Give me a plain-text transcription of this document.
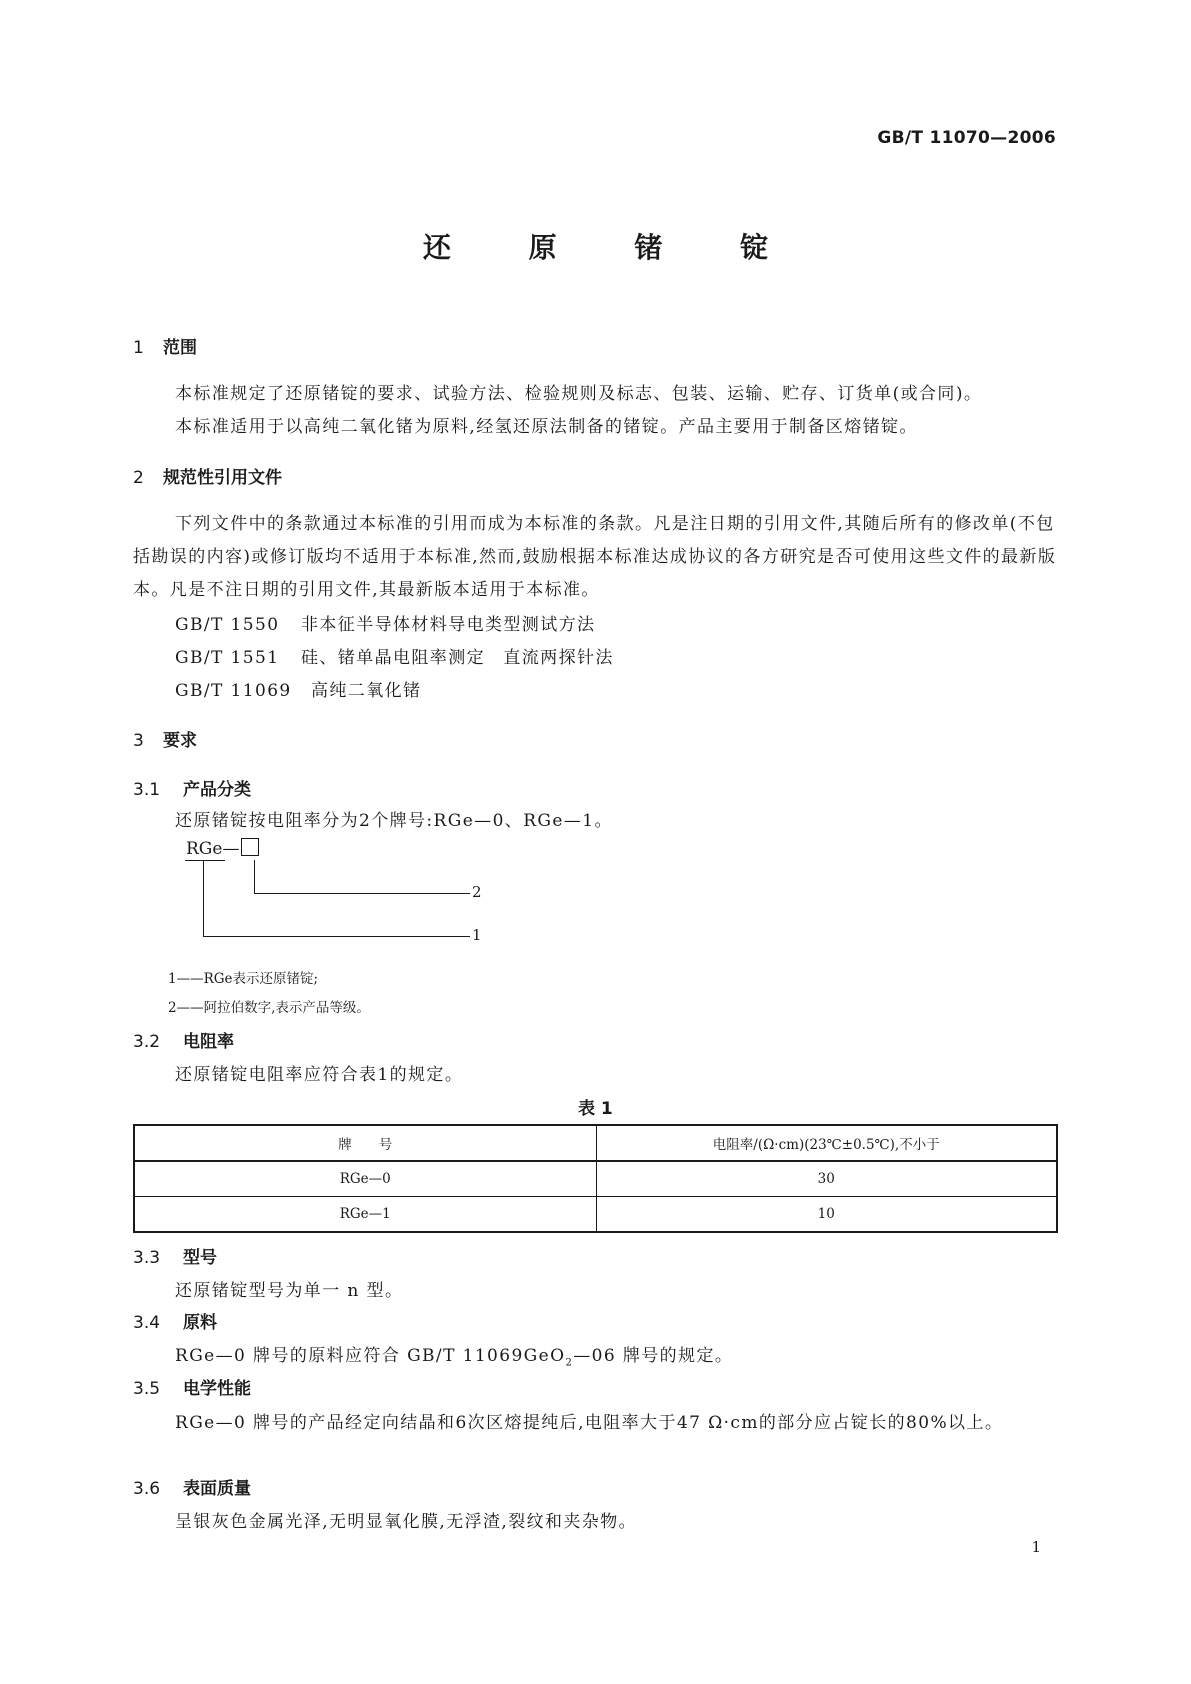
GB/T 11070—2006
还 原 锗 锭
1 范围
本标准规定了还原锗锭的要求、试验方法、检验规则及标志、包装、运输、贮存、订货单(或合同)。
本标准适用于以高纯二氧化锗为原料,经氢还原法制备的锗锭。产品主要用于制备区熔锗锭。
2 规范性引用文件
下列文件中的条款通过本标准的引用而成为本标准的条款。凡是注日期的引用文件,其随后所有的修改单(不包括勘误的内容)或修订版均不适用于本标准,然而,鼓励根据本标准达成协议的各方研究是否可使用这些文件的最新版本。凡是不注日期的引用文件,其最新版本适用于本标准。
GB/T 1550 非本征半导体材料导电类型测试方法
GB/T 1551 硅、锗单晶电阻率测定　直流两探针法
GB/T 11069 高纯二氧化锗
3 要求
3.1 产品分类
还原锗锭按电阻率分为2个牌号:RGe—0、RGe—1。
RGe—
2
1
1——RGe表示还原锗锭;
2——阿拉伯数字,表示产品等级。
3.2 电阻率
还原锗锭电阻率应符合表1的规定。
表 1
牌　　号	电阻率/(Ω·cm)(23℃±0.5℃),不小于
RGe—0	30
RGe—1	10
3.3 型号
还原锗锭型号为单一 n 型。
3.4 原料
RGe—0 牌号的原料应符合 GB/T 11069GeO$_2$—06 牌号的规定。
3.5 电学性能
RGe—0 牌号的产品经定向结晶和6次区熔提纯后,电阻率大于47 Ω·cm的部分应占锭长的80%以上。
3.6 表面质量
呈银灰色金属光泽,无明显氧化膜,无浮渣,裂纹和夹杂物。
1
